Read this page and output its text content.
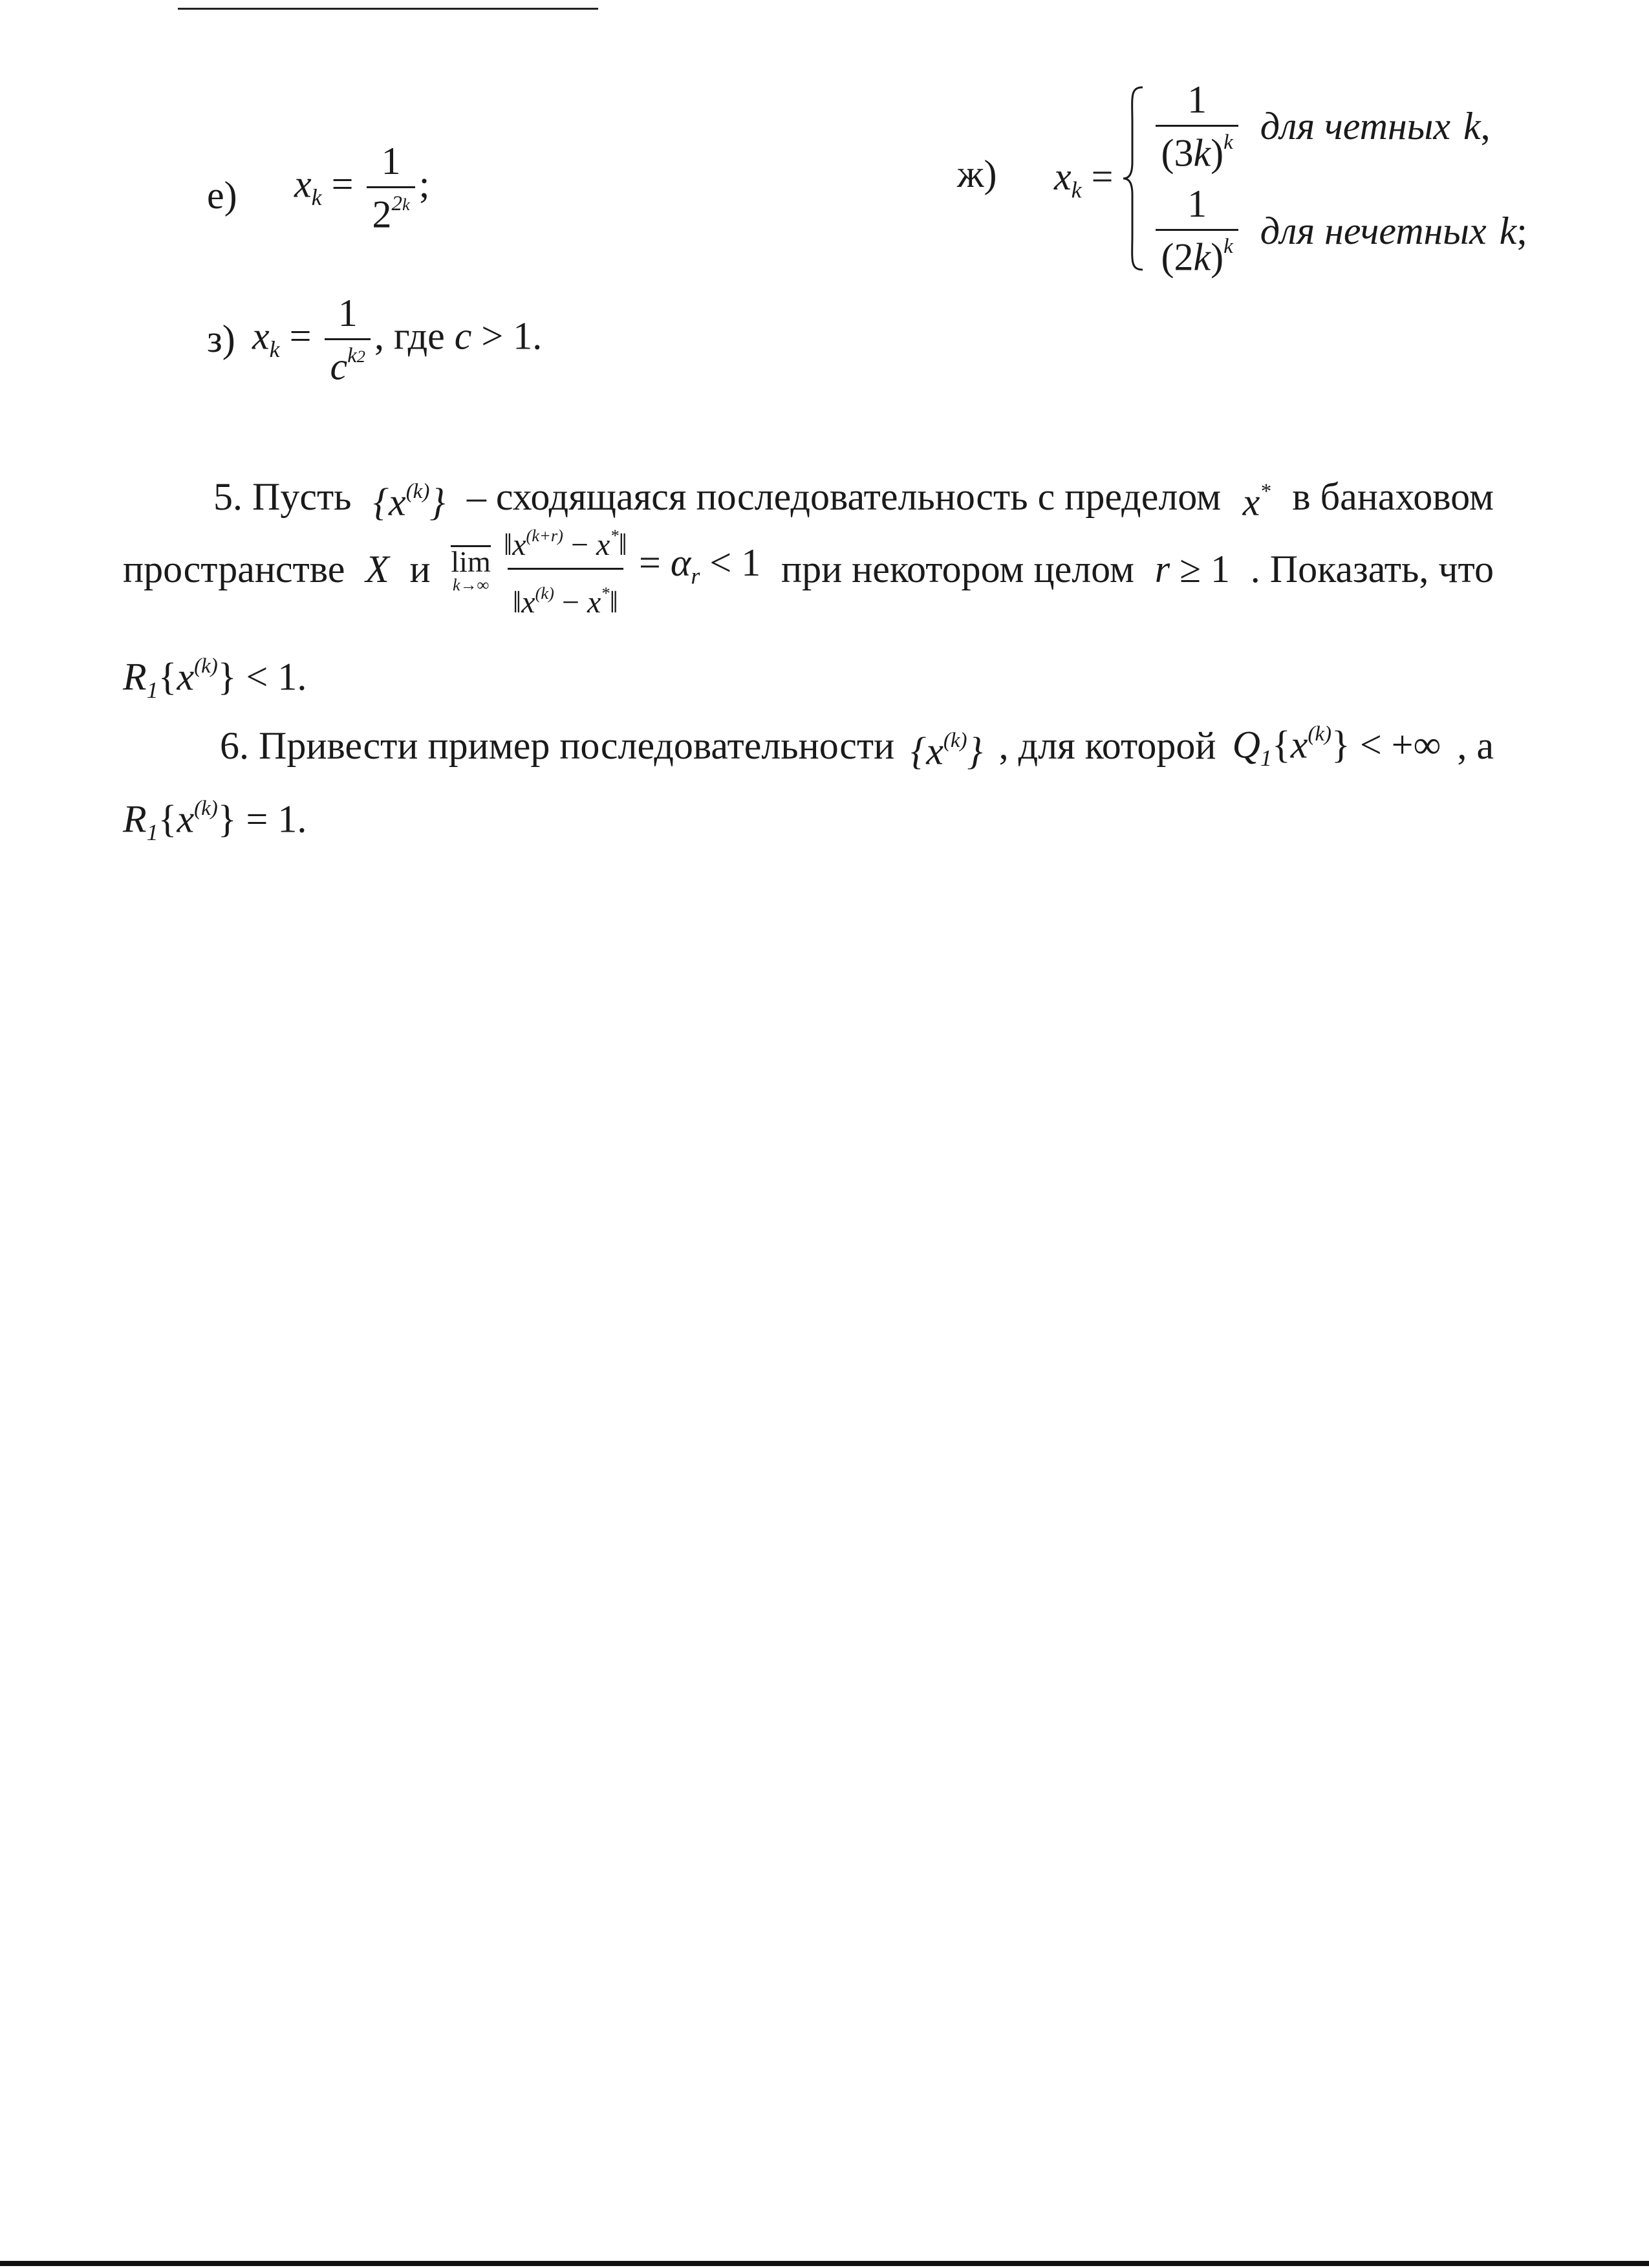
е) $x_k = \frac{1}{2^{2k}}$ ;	ж) $x_k$ =
$\frac{1}{(3k)^k}$ для четных k ,
$\frac{1}{(2k)^k}$ для нечетных k ;
з) $x_k = \frac{1}{c^{k2}}$ , где c > 1.
5. Пусть $\{x^{(k)}\}$ – сходящаяся последовательность с пределом x* в банаховом
пространстве X и lim
$k\to\infty \frac{‖x^{(k+r)} - x^*‖}{‖x^{(k)} - x^*‖} = \alpha_r < 1$ при некотором целом r ≥ 1 . Показать, что
$R_1\{x^{(k)}\} < 1$.
6. Привести пример последовательности $\{x^{(k)}\}$ , для которой $Q_1\{x^{(k)}\}$ < +∞ , а
$R_1\{x^{(k)}\} = 1$.
